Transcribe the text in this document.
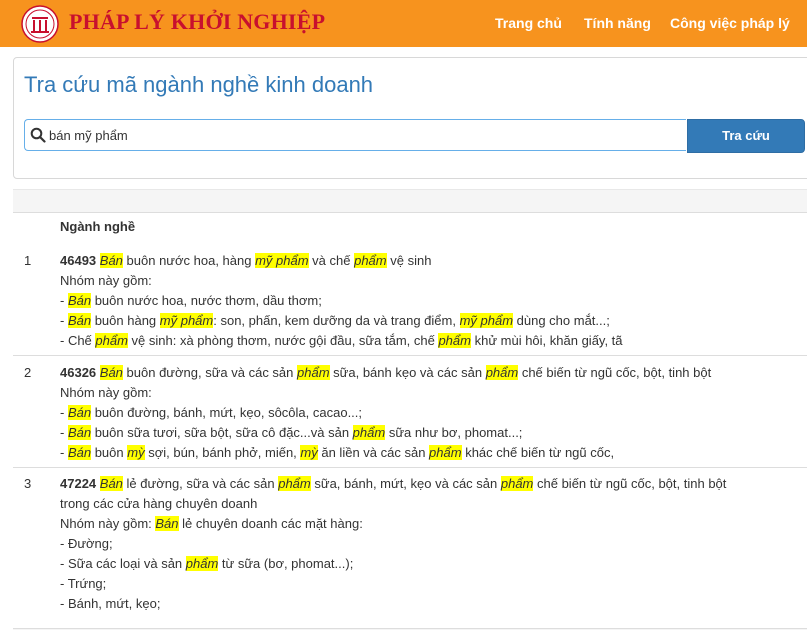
PHÁP LÝ KHỞI NGHIỆP	Trang chủ Tính năng Công việc pháp lý
Tra cứu mã ngành nghề kinh doanh
bán mỹ phẩm
Tra cứu
Ngành nghề
1 46493 Bán buôn nước hoa, hàng mỹ phẩm và chế phẩm vệ sinh
Nhóm này gồm:
- Bán buôn nước hoa, nước thơm, dầu thơm;
- Bán buôn hàng mỹ phẩm: son, phấn, kem dưỡng da và trang điểm, mỹ phẩm dùng cho mắt...;
- Chế phẩm vệ sinh: xà phòng thơm, nước gội đầu, sữa tắm, chế phẩm khử mùi hôi, khăn giấy, tã
2 46326 Bán buôn đường, sữa và các sản phẩm sữa, bánh kẹo và các sản phẩm chế biến từ ngũ cốc, bột, tinh bột
Nhóm này gồm:
- Bán buôn đường, bánh, mứt, kẹo, sôcôla, cacao...;
- Bán buôn sữa tươi, sữa bột, sữa cô đặc...và sản phẩm sữa như bơ, phomat...;
- Bán buôn mỳ sợi, bún, bánh phở, miến, mỳ ăn liền và các sản phẩm khác chế biến từ ngũ cốc,
3 47224 Bán lẻ đường, sữa và các sản phẩm sữa, bánh, mứt, kẹo và các sản phẩm chế biến từ ngũ cốc, bột, tinh bột
trong các cửa hàng chuyên doanh
Nhóm này gồm: Bán lẻ chuyên doanh các mặt hàng:
- Đường;
- Sữa các loại và sản phẩm từ sữa (bơ, phomat...);
- Trứng;
- Bánh, mứt, kẹo;
